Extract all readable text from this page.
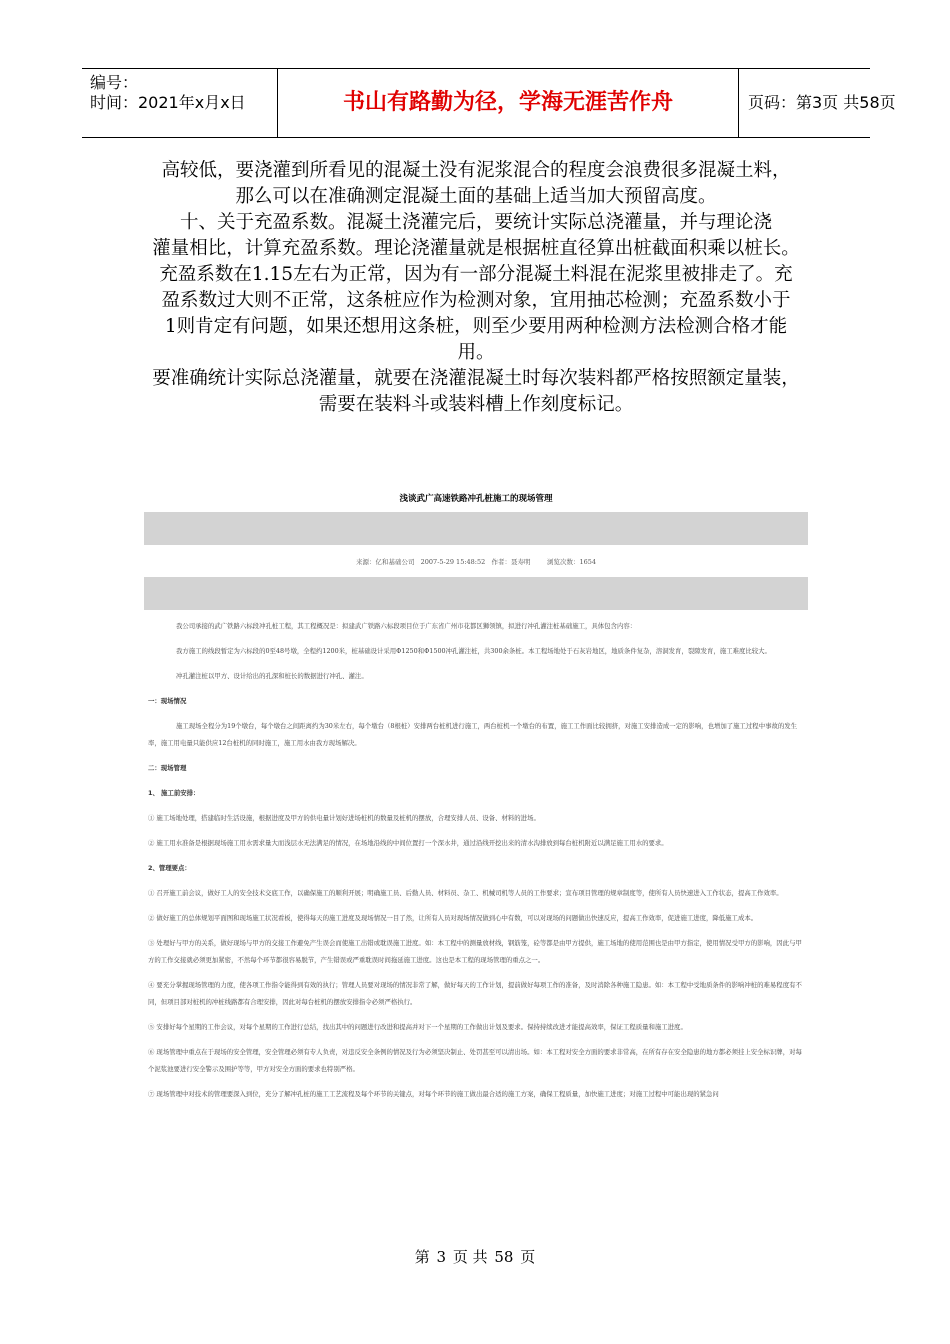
编号：
时间：2021年x月x日	书山有路勤为径，学海无涯苦作舟	页码：第3页 共58页

高较低，要浇灌到所看见的混凝土没有泥浆混合的程度会浪费很多混凝土料，

那么可以在准确测定混凝土面的基础上适当加大预留高度。

十、关于充盈系数。混凝土浇灌完后，要统计实际总浇灌量，并与理论浇

灌量相比，计算充盈系数。理论浇灌量就是根据桩直径算出桩截面积乘以桩长。

充盈系数在1.15左右为正常，因为有一部分混凝土料混在泥浆里被排走了。充

盈系数过大则不正常，这条桩应作为检测对象，宜用抽芯检测；充盈系数小于

1则肯定有问题，如果还想用这条桩，则至少要用两种检测方法检测合格才能

用。

要准确统计实际总浇灌量，就要在浇灌混凝土时每次装料都严格按照额定量装，

需要在装料斗或装料槽上作刻度标记。

浅谈武广高速铁路冲孔桩施工的现场管理
来源：亿和基础公司   2007-5-29 15:48:52   作者：聂寿明        浏览次数：1654

我公司承接的武广铁路六标段冲孔桩工程，其工程概况是：拟建武广铁路六标段项目位于广东省广州市花都区狮领镇，拟进行冲孔灌注桩基础施工，具体包含内容：

我方施工的线段暂定为六标段的0至48号墩，全程约1200米，桩基础设计采用Φ1250和Φ1500冲孔灌注桩，共300余条桩。本工程场地处于石灰岩地区，地质条件复杂，溶洞发育，裂隙发育，施工难度比较大。

冲孔灌注桩以甲方、设计给出的孔深和桩长的数据进行冲孔、灌注。

一：现场情况

施工现场全程分为19个墩台，每个墩台之间距离约为30米左右，每个墩台（8根桩）安排两台桩机进行施工，两台桩机一个墩台的布置，施工工作面比较拥挤，对施工安排造成一定的影响，也增加了施工过程中事故的发生率，施工用电量只能供应12台桩机的同时施工，施工用水由我方现场解决。

二：现场管理

1、 施工前安排：

① 施工场地处理，搭建临时生活设施，根据进度及甲方的供电量计划好进场桩机的数量及桩机的摆放，合理安排人员、设备、材料的进场。

② 施工用水准备是根据现场施工用水需求量大而浅层水无法满足的情况，在场地沿线的中间位置打一个深水井，通过沿线开挖出来的清水沟排放到每台桩机附近以满足施工用水的要求。

2、管理要点：

① 召开施工前会议，做好工人的安全技术交底工作，以确保施工的顺利开展；明确施工员、后勤人员、材料员、杂工、机械司机等人员的工作要求；宣布项目管理的规章制度等，使所有人员快速进入工作状态，提高工作效率。

② 做好施工的总体规划平面图和现场施工状况看板，使得每天的施工进度及现场情况一目了然，让所有人员对现场情况做到心中有数，可以对现场的问题做出快速反应，提高工作效率，促进施工进度，降低施工成本。

③ 处理好与甲方的关系，做好现场与甲方的交接工作避免产生误会而使施工出错或耽误施工进度。如：本工程中的测量放材线，钢筋笼，砼等都是由甲方提供，施工场地的使用范围也是由甲方指定，使用情况受甲方的影响，因此与甲方的工作交接就必须更加紧密，不然每个环节都很容易脱节，产生错误或严重耽误时间拖延施工进度。这也是本工程的现场管理的重点之一。

④ 要充分掌握现场管理的力度，使各项工作指令能得到有效的执行；管理人员要对现场的情况非常了解，做好每天的工作计划，提前做好每项工作的准备，及时消除各种施工隐患。如：本工程中受地质条件的影响冲桩的难易程度有不同，但项目部对桩机的冲桩线路都有合理安排，因此对每台桩机的摆放安排指令必须严格执行。

⑤ 安排好每个星期的工作会议，对每个星期的工作进行总结，找出其中的问题进行改进和提高并对下一个星期的工作做出计划及要求。保持持续改进才能提高效率，保证工程质量和施工进度。

⑥ 现场管理中重点在于现场的安全管理，安全管理必须有专人负责，对违反安全条例的情况及行为必须坚决制止、处罚甚至可以清出场。如：本工程对安全方面的要求非常高，在所有存在安全隐患的地方都必须挂上安全标识牌，对每个泥浆池要进行安全警示及围护等等，甲方对安全方面的要求也特别严格。

⑦ 现场管理中对技术的管理要深入到位，充分了解冲孔桩的施工工艺流程及每个环节的关键点，对每个环节的施工做出最合适的施工方案，确保工程质量，加快施工进度；对施工过程中可能出现的紧急问

第 3 页 共 58 页
